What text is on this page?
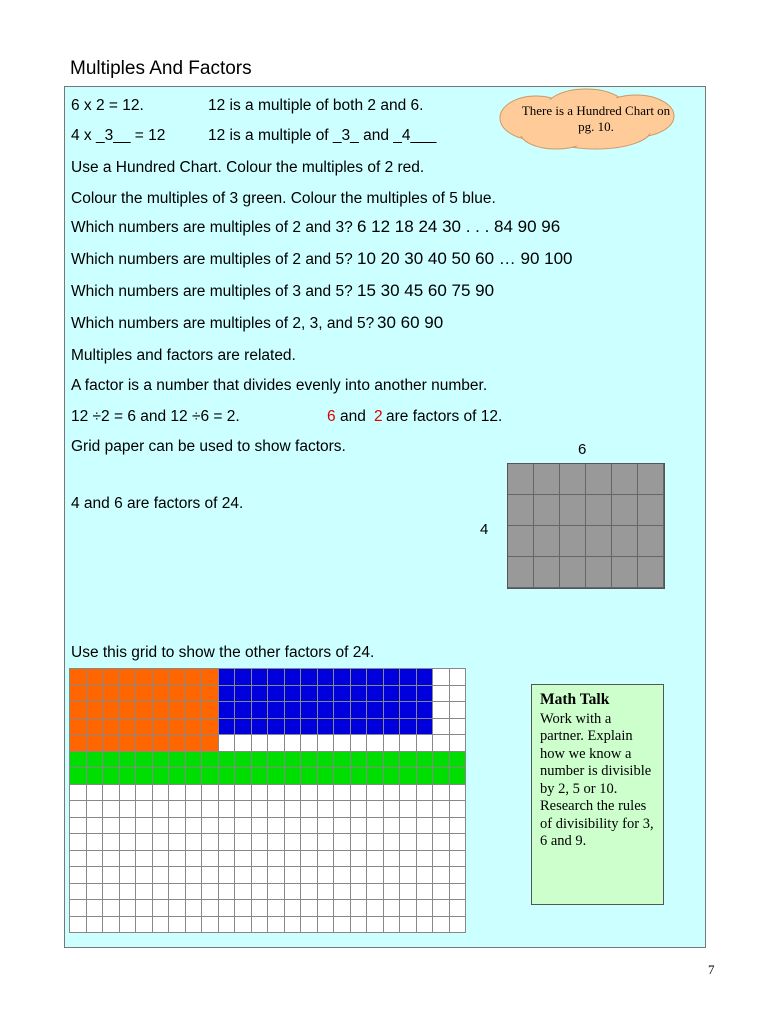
Multiples And Factors
6 x 2 = 12.	12 is a multiple of both 2 and 6.
4 x _3__ = 12	12 is a multiple of _3_ and _4___
Use a Hundred Chart. Colour the multiples of 2 red.
Colour the multiples of 3 green. Colour the multiples of 5 blue.
Which numbers are multiples of 2 and 3? 6 12 18 24 30 . . . 84 90 96
Which numbers are multiples of 2 and 5? 10 20 30 40 50 60 … 90 100
Which numbers are multiples of 3 and 5? 15 30 45 60 75 90
Which numbers are multiples of 2, 3, and 5? 30 60 90
Multiples and factors are related.
A factor is a number that divides evenly into another number.
12 ÷2 = 6 and 12 ÷6 = 2.	6 and 2 are factors of 12.
Grid paper can be used to show factors.
4 and 6 are factors of 24.
Use this grid to show the other factors of 24.
There is a Hundred Chart on pg. 10.
6
4
Math Talk
Work with a partner. Explain how we know a number is divisible by 2, 5 or 10. Research the rules of divisibility for 3, 6 and 9.
7
